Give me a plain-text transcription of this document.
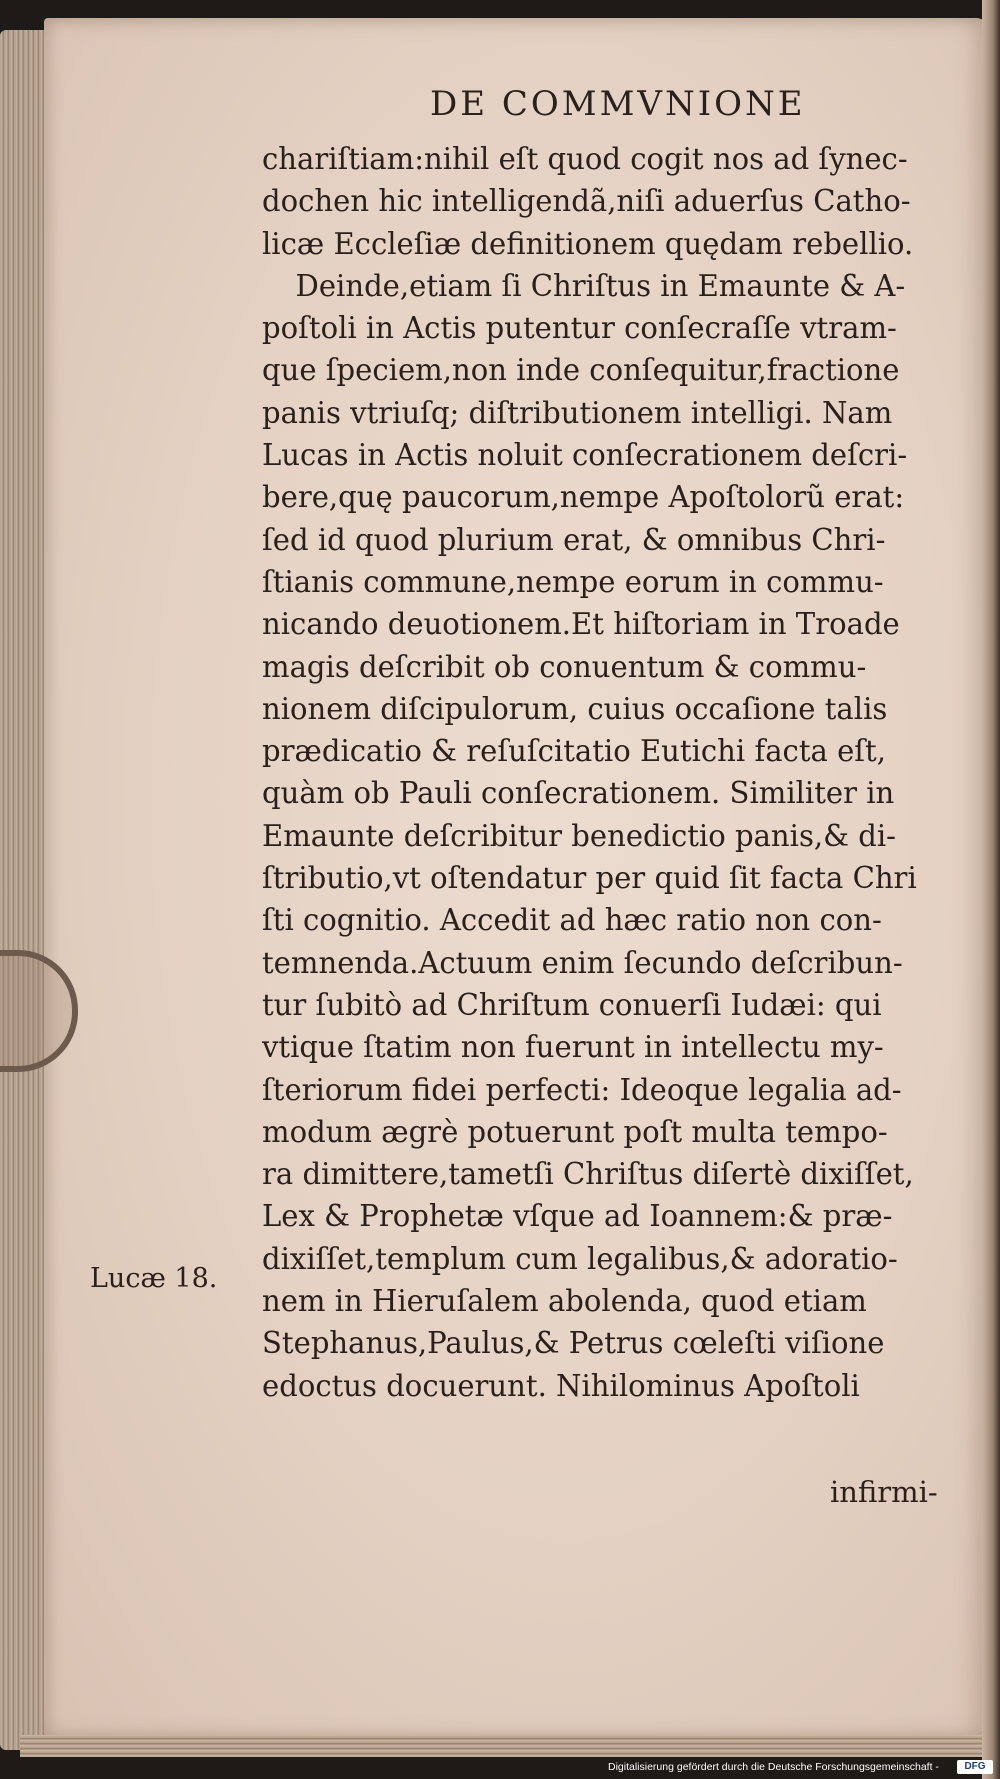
DE COMMVNIONE
chariſtiam:nihil eſt quod cogit nos ad ſynec-
dochen hic intelligendã,niſi aduerſus Catho-
licæ Eccleſiæ definitionem quędam rebellio.
Deinde,etiam ſi Chriſtus in Emaunte & A-
poſtoli in Actis putentur conſecraſſe vtram-
que ſpeciem,non inde conſequitur,fractione
panis vtriuſq; diſtributionem intelligi. Nam
Lucas in Actis noluit conſecrationem deſcri-
bere,quę paucorum,nempe Apoſtolorũ erat:
ſed id quod plurium erat, & omnibus Chri-
ſtianis commune,nempe eorum in commu-
nicando deuotionem.Et hiſtoriam in Troade
magis deſcribit ob conuentum & commu-
nionem diſcipulorum, cuius occaſione talis
prædicatio & reſuſcitatio Eutichi facta eſt,
quàm ob Pauli conſecrationem. Similiter in
Emaunte deſcribitur benedictio panis,& di-
ſtributio,vt oſtendatur per quid ſit facta Chri
ſti cognitio. Accedit ad hæc ratio non con-
temnenda.Actuum enim ſecundo deſcribun-
tur ſubitò ad Chriſtum conuerſi Iudæi: qui
vtique ſtatim non fuerunt in intellectu my-
ſteriorum fidei perfecti: Ideoque legalia ad-
modum ægrè potuerunt poſt multa tempo-
ra dimittere,tametſi Chriſtus diſertè dixiſſet,
Lex & Prophetæ vſque ad Ioannem:& præ-
dixiſſet,templum cum legalibus,& adoratio-
nem in Hieruſalem abolenda, quod etiam
Stephanus,Paulus,& Petrus cœleſti viſione
edoctus docuerunt. Nihilominus Apoſtoli
Lucæ 18.
infirmi-
Digitalisierung gefördert durch die Deutsche Forschungsgemeinschaft -	DFG
